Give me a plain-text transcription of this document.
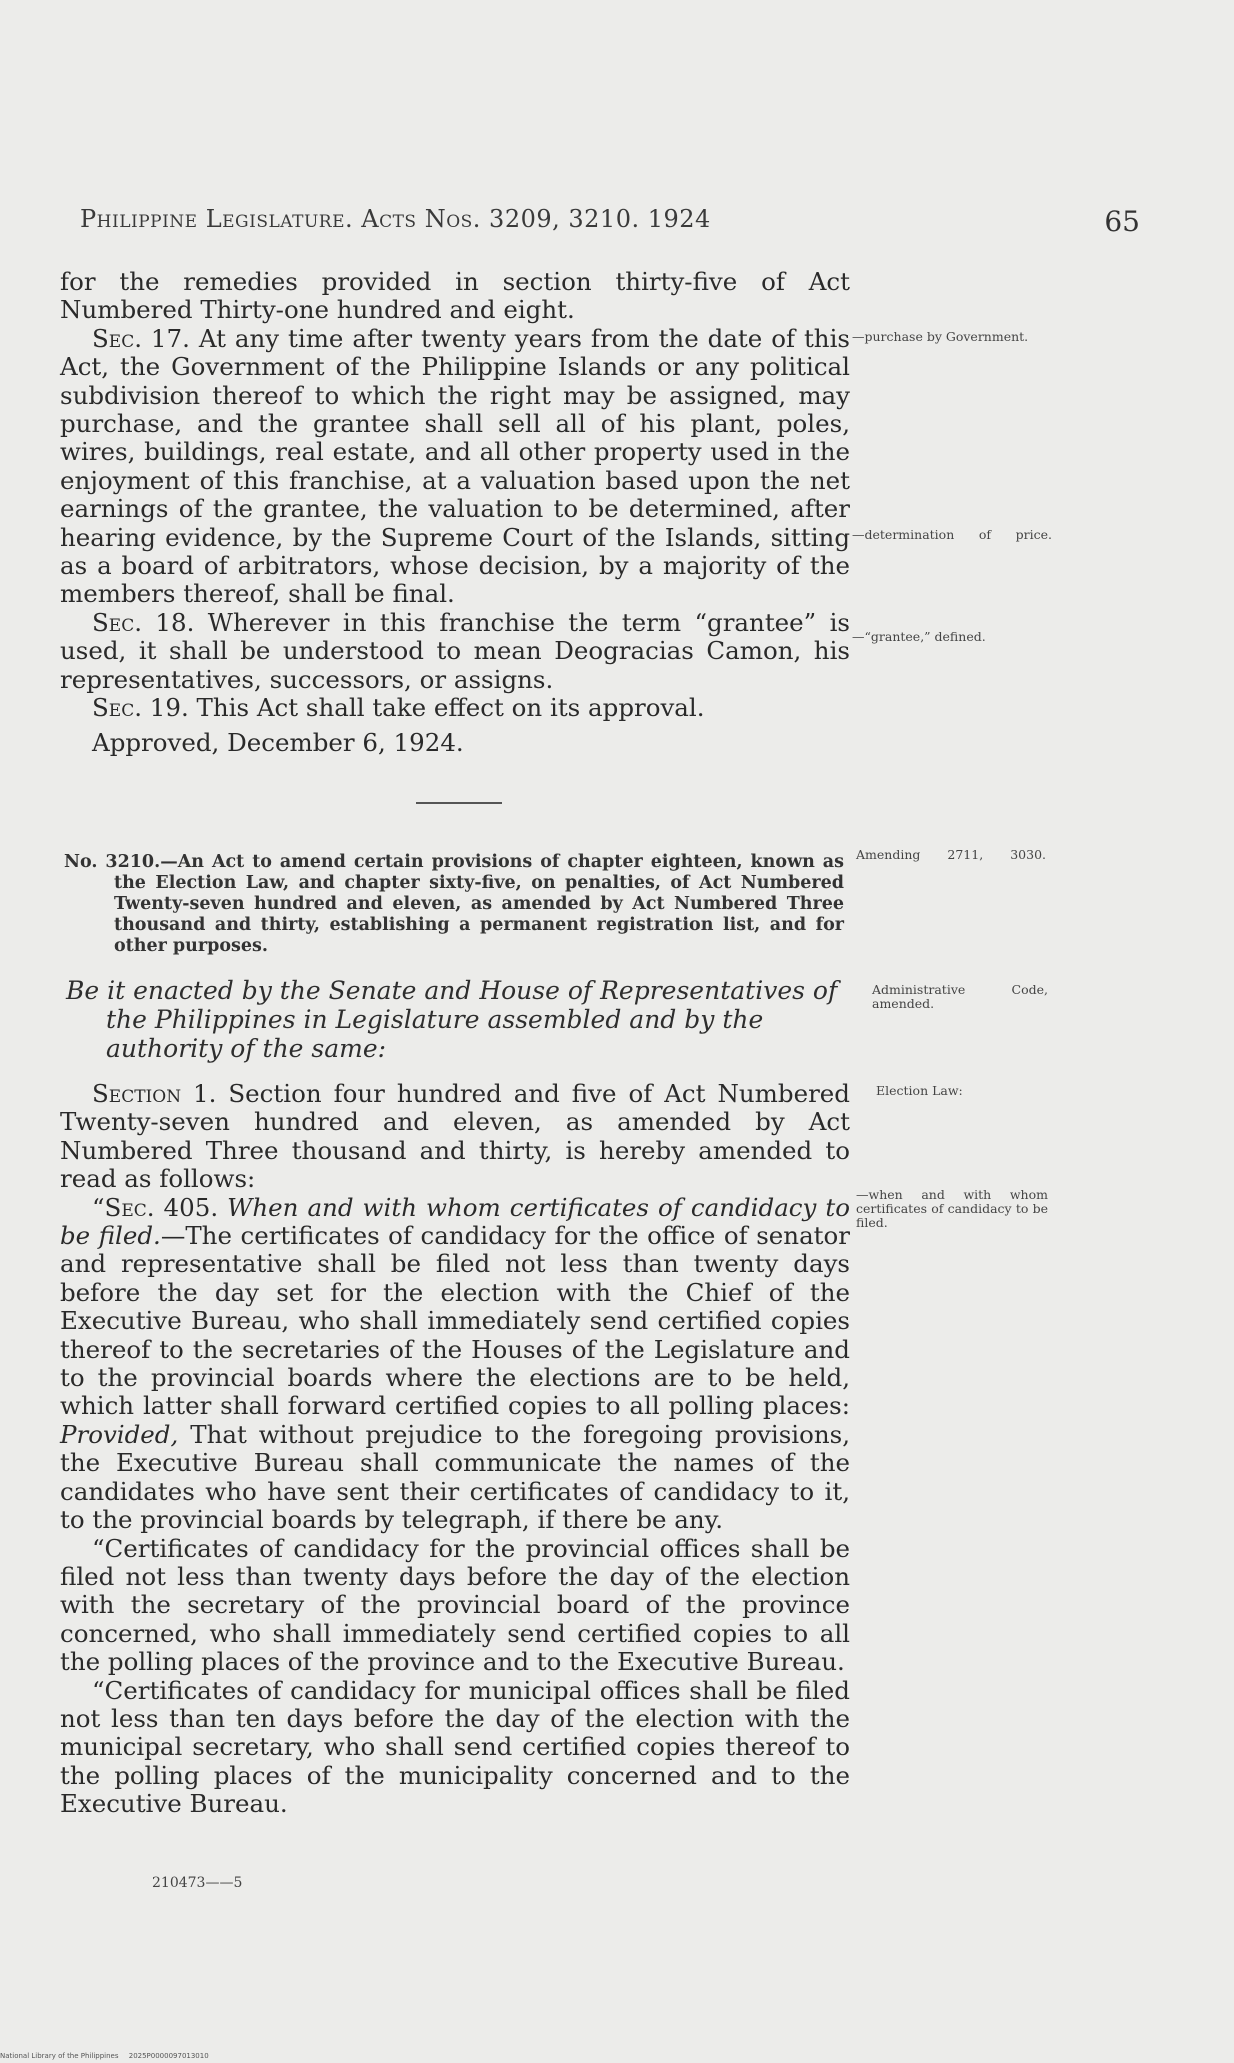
Philippine Legislature. Acts Nos. 3209, 3210. 1924	65

for the remedies provided in section thirty-five of Act Numbered Thirty-one hundred and eight.

Sec. 17. At any time after twenty years from the date of this Act, the Government of the Philippine Islands or any political subdivision thereof to which the right may be assigned, may purchase, and the grantee shall sell all of his plant, poles, wires, buildings, real estate, and all other property used in the enjoyment of this franchise, at a valuation based upon the net earnings of the grantee, the valuation to be determined, after hearing evidence, by the Supreme Court of the Islands, sitting as a board of arbitrators, whose decision, by a majority of the members thereof, shall be final.

Sec. 18. Wherever in this franchise the term “grantee” is used, it shall be understood to mean Deogracias Camon, his representatives, successors, or assigns.

Sec. 19. This Act shall take effect on its approval.

Approved, December 6, 1924.

No. 3210.—An Act to amend certain provisions of chapter eighteen, known as the Election Law, and chapter sixty-five, on penalties, of Act Numbered Twenty-seven hundred and eleven, as amended by Act Numbered Three thousand and thirty, establishing a permanent registration list, and for other purposes.
Be it enacted by the Senate and House of Representatives of the Philippines in Legislature assembled and by the authority of the same:

Section 1. Section four hundred and five of Act Numbered Twenty-seven hundred and eleven, as amended by Act Numbered Three thousand and thirty, is hereby amended to read as follows:

“Sec. 405. When and with whom certificates of candidacy to be filed.—The certificates of candidacy for the office of senator and representative shall be filed not less than twenty days before the day set for the election with the Chief of the Executive Bureau, who shall immediately send certified copies thereof to the secretaries of the Houses of the Legislature and to the provincial boards where the elections are to be held, which latter shall forward certified copies to all polling places: Provided, That without prejudice to the foregoing provisions, the Executive Bureau shall communicate the names of the candidates who have sent their certificates of candidacy to it, to the provincial boards by telegraph, if there be any.

“Certificates of candidacy for the provincial offices shall be filed not less than twenty days before the day of the election with the secretary of the provincial board of the province concerned, who shall immediately send certified copies to all the polling places of the province and to the Executive Bureau.

“Certificates of candidacy for municipal offices shall be filed not less than ten days before the day of the election with the municipal secretary, who shall send certified copies thereof to the polling places of the municipality concerned and to the Executive Bureau.

—purchase by Government.
—determination of price.
—“grantee,” defined.
Amending 2711, 3030.
Administrative Code, amended.
Election Law:
—when and with whom certificates of candidacy to be filed.
210473——5
National Library of the Philippines 2025P0000097013010
